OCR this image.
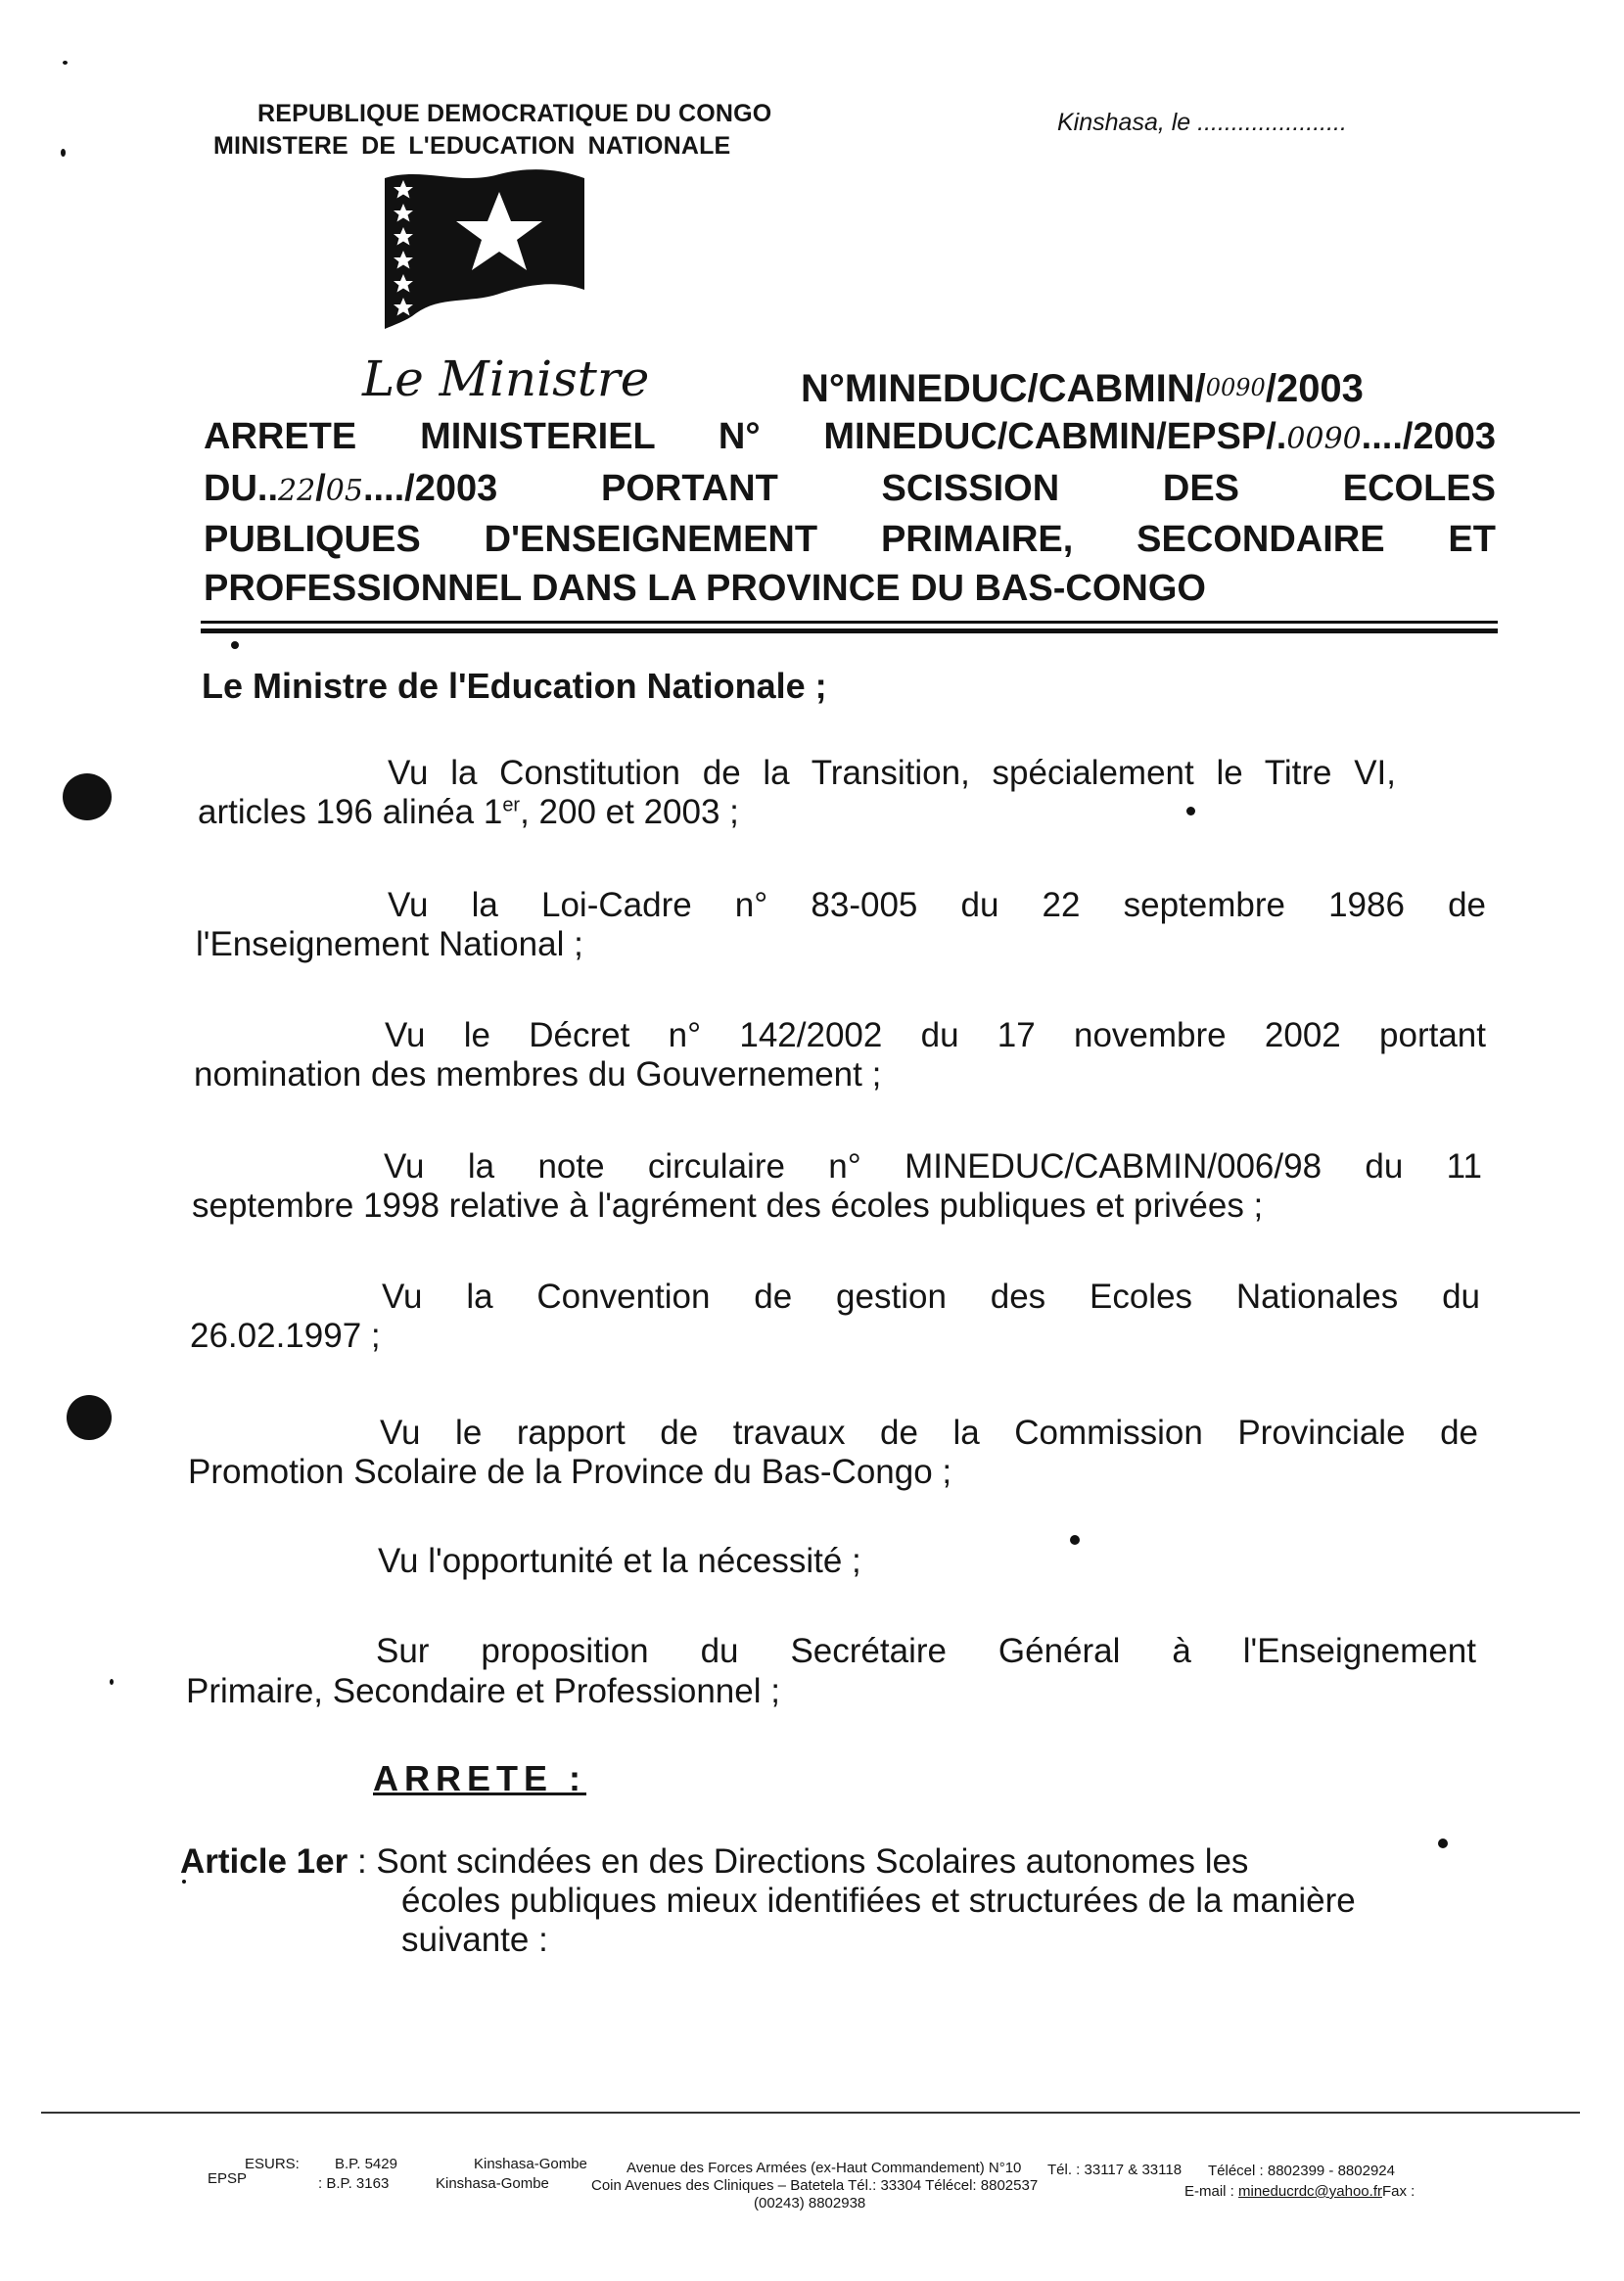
REPUBLIQUE DEMOCRATIQUE DU CONGO
MINISTERE DE L'EDUCATION NATIONALE
Kinshasa, le ......................
Le Ministre	N°MINEDUC/CABMIN/0090/2003
ARRETE MINISTERIEL N° MINEDUC/CABMIN/EPSP/.0090..../2003
DU..22/05..../2003 PORTANT SCISSION DES ECOLES
PUBLIQUES D'ENSEIGNEMENT PRIMAIRE, SECONDAIRE ET
PROFESSIONNEL DANS LA PROVINCE DU BAS-CONGO
Le Ministre de l'Education Nationale ;
Vu la Constitution de la Transition, spécialement le Titre VI,
articles 196 alinéa 1er, 200 et 2003 ;
Vu la Loi-Cadre n° 83-005 du 22 septembre 1986 de
l'Enseignement National ;
Vu le Décret n° 142/2002 du 17 novembre 2002 portant
nomination des membres du Gouvernement ;
Vu la note circulaire n° MINEDUC/CABMIN/006/98 du 11
septembre 1998 relative à l'agrément des écoles publiques et privées ;
Vu la Convention de gestion des Ecoles Nationales du
26.02.1997 ;
Vu le rapport de travaux de la Commission Provinciale de
Promotion Scolaire de la Province du Bas-Congo ;
Vu l'opportunité et la nécessité ;
Sur proposition du Secrétaire Général à l'Enseignement
Primaire, Secondaire et Professionnel ;
ARRETE :
Article 1er : Sont scindées en des Directions Scolaires autonomes les
écoles publiques mieux identifiées et structurées de la manière
suivante :
ESURS: B.P. 5429	Kinshasa-Gombe	Avenue des Forces Armées (ex-Haut Commandement) N°10 Tél. : 33117 & 33118 Télécel : 8802399 - 8802924
EPSP	: B.P. 3163	Kinshasa-Gombe	Coin Avenues des Cliniques – Batetela Tél.: 33304 Télécel: 8802537	E-mail : mineducrdc@yahoo.frFax :
(00243) 8802938
